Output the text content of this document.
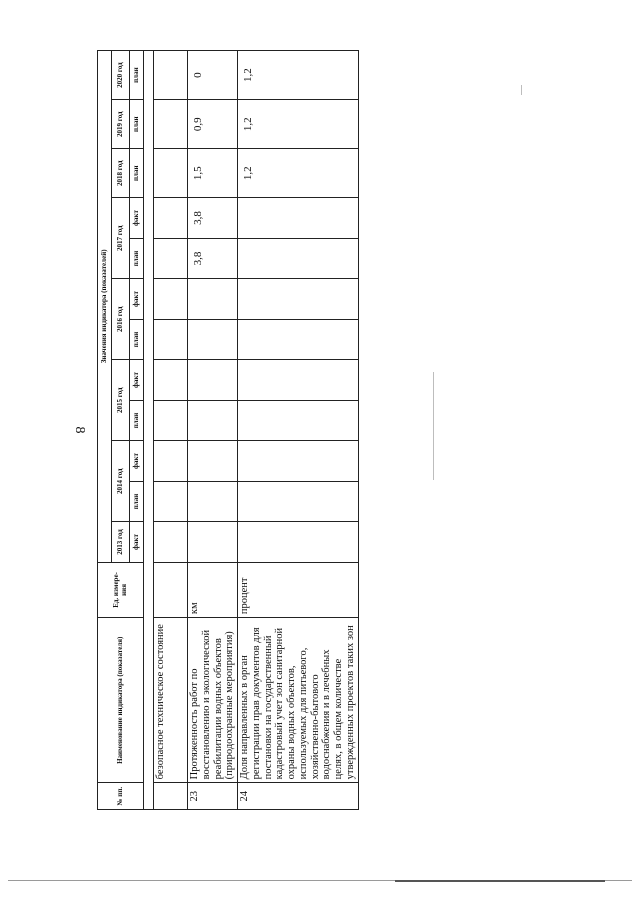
8
№ пп.	Наименование индикатора (показателя)	Ед. измере- ния	Значения индикатора (показателей)											
			2013 год	2014 год		2015 год		2016 год		2017 год		2018 год	2019 год	2020 год
			факт	план	факт	план	факт	план	факт	план	факт	план	план	план

	безопасное техническое состояние													
23	Протяженность работ по восстановлению и экологической реабилитации водных объектов (природоохранные мероприятия)	км								3,8	3,8	1,5	0,9	0
24	Доля направленных в орган регистрации прав документов для постановки на государственный кадастровый учет зон санитарной охраны водных объектов, используемых для питьевого, хозяйственно-бытового водоснабжения и в лечебных целях, в общем количестве утвержденных проектов таких зон	процент										1,2	1,2	1,2
